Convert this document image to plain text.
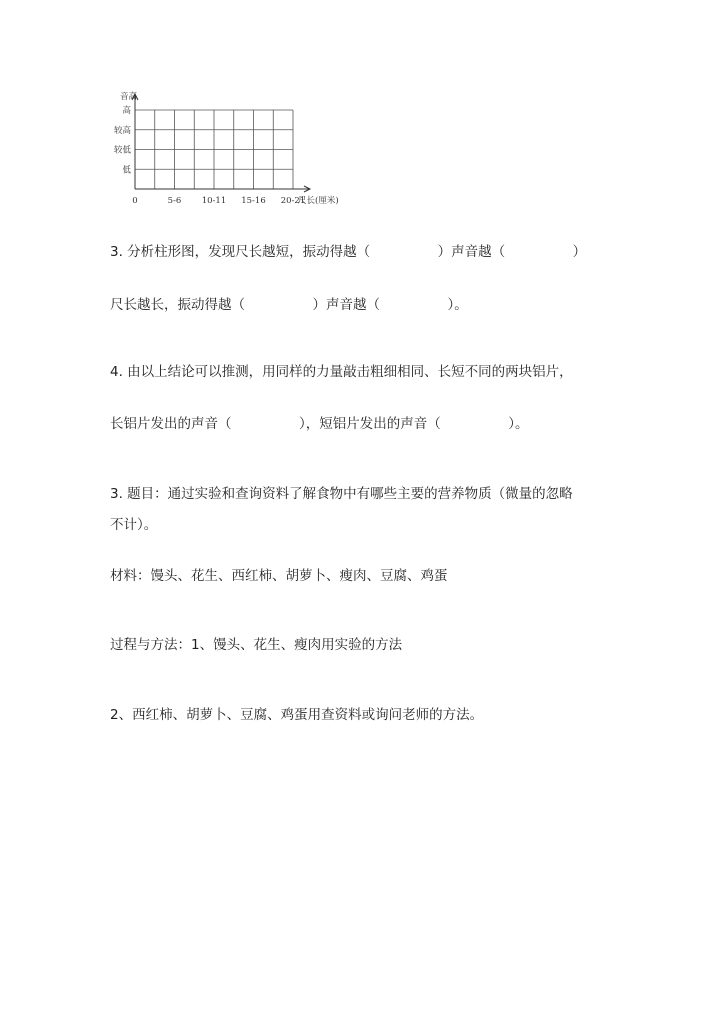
音高
高
较高
较低
低
0	5-6 10-11 15-16 20-21
尺长(厘米)
3. 分析柱形图，发现尺长越短，振动得越（　　　　　）声音越（　　　　　）
尺长越长，振动得越（　　　　　）声音越（　　　　　）。
4. 由以上结论可以推测，用同样的力量敲击粗细相同、长短不同的两块铝片，
长铝片发出的声音（　　　　　），短铝片发出的声音（　　　　　）。
3. 题目：通过实验和查询资料了解食物中有哪些主要的营养物质（微量的忽略
不计）。
材料：馒头、花生、西红柿、胡萝卜、瘦肉、豆腐、鸡蛋
过程与方法：1、馒头、花生、瘦肉用实验的方法
2、西红柿、胡萝卜、豆腐、鸡蛋用查资料或询问老师的方法。
